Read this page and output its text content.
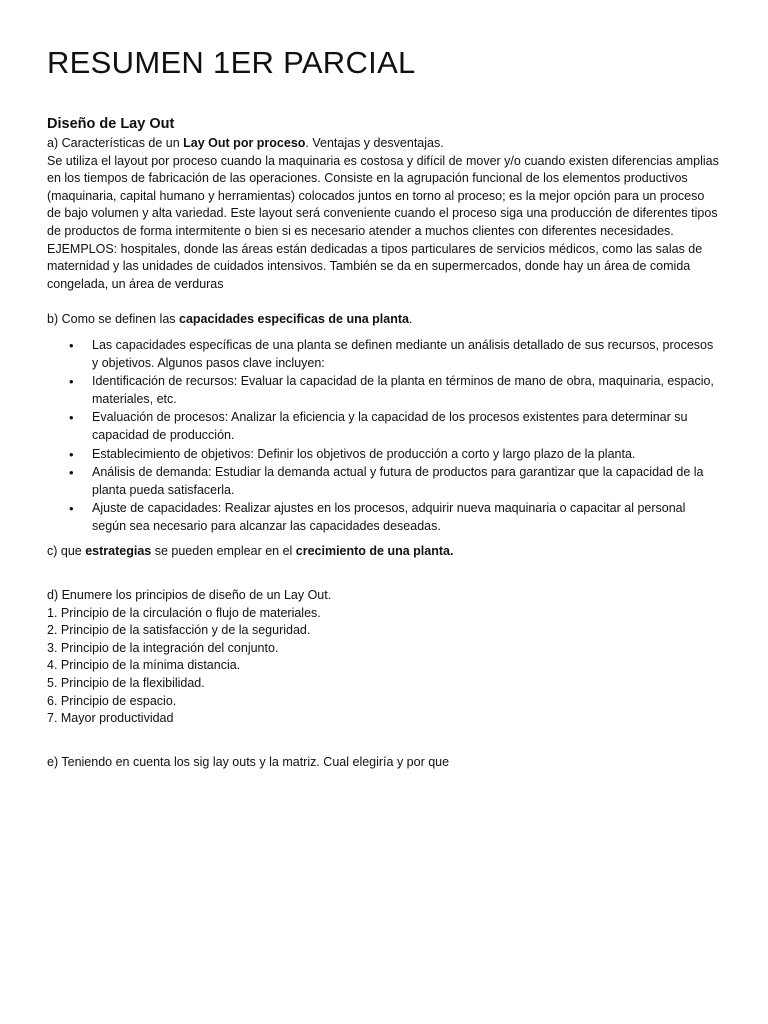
RESUMEN 1ER PARCIAL
Diseño de Lay Out

a) Características de un Lay Out por proceso. Ventajas y desventajas.

Se utiliza el layout por proceso cuando la maquinaria es costosa y difícil de mover y/o cuando existen diferencias amplias en los tiempos de fabricación de las operaciones. Consiste en la agrupación funcional de los elementos productivos (maquinaria, capital humano y herramientas) colocados juntos en torno al proceso; es la mejor opción para un proceso de bajo volumen y alta variedad. Este layout será conveniente cuando el proceso siga una producción de diferentes tipos de productos de forma intermitente o bien si es necesario atender a muchos clientes con diferentes necesidades.

EJEMPLOS: hospitales, donde las áreas están dedicadas a tipos particulares de servicios médicos, como las salas de maternidad y las unidades de cuidados intensivos. También se da en supermercados, donde hay un área de comida congelada, un área de verduras

b) Como se definen las capacidades especificas de una planta.

• Las capacidades específicas de una planta se definen mediante un análisis detallado de sus recursos, procesos y objetivos. Algunos pasos clave incluyen:
• Identificación de recursos: Evaluar la capacidad de la planta en términos de mano de obra, maquinaria, espacio, materiales, etc.
• Evaluación de procesos: Analizar la eficiencia y la capacidad de los procesos existentes para determinar su capacidad de producción.
• Establecimiento de objetivos: Definir los objetivos de producción a corto y largo plazo de la planta.
• Análisis de demanda: Estudiar la demanda actual y futura de productos para garantizar que la capacidad de la planta pueda satisfacerla.
• Ajuste de capacidades: Realizar ajustes en los procesos, adquirir nueva maquinaria o capacitar al personal según sea necesario para alcanzar las capacidades deseadas.

c) que estrategias se pueden emplear en el crecimiento de una planta.

d) Enumere los principios de diseño de un Lay Out.

1. Principio de la circulación o flujo de materiales.

2. Principio de la satisfacción y de la seguridad.

3. Principio de la integración del conjunto.

4. Principio de la mínima distancia.

5. Principio de la flexibilidad.

6. Principio de espacio.

7. Mayor productividad

e) Teniendo en cuenta los sig lay outs y la matriz. Cual elegiría y por que
